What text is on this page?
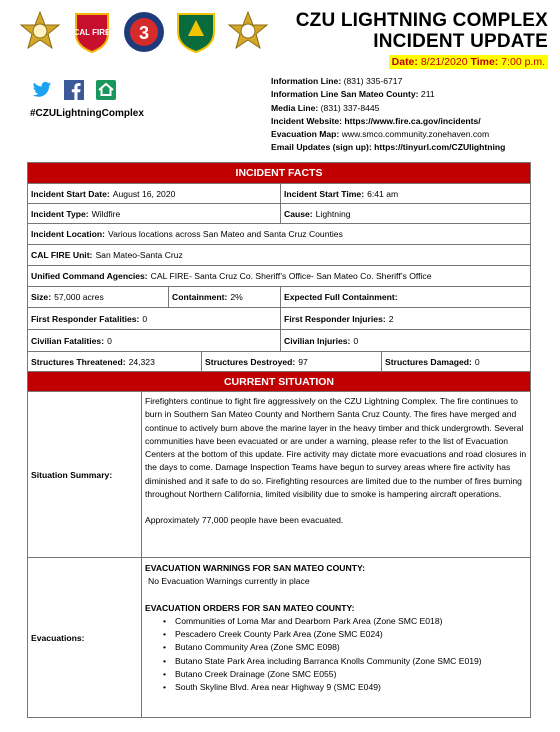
CAL FIRE 3
CZU LIGHTNING COMPLEX
INCIDENT UPDATE
Date: 8/21/2020 Time: 7:00 p.m.
#CZULightningComplex
Information Line: (831) 335-6717
Information Line San Mateo County: 211
Media Line: (831) 337-8445
Incident Website: https://www.fire.ca.gov/incidents/
Evacuation Map: www.smco.community.zonehaven.com
Email Updates (sign up): https://tinyurl.com/CZUlightning
INCIDENT FACTS
Incident Start Date: August 16, 2020	Incident Start Time: 6:41 am
Incident Type: Wildfire	Cause: Lightning
Incident Location: Various locations across San Mateo and Santa Cruz Counties
CAL FIRE Unit: San Mateo-Santa Cruz
Unified Command Agencies: CAL FIRE- Santa Cruz Co. Sheriff’s Office- San Mateo Co. Sheriff’s Office
Size: 57,000 acres	Containment: 2%	Expected Full Containment:
First Responder Fatalities: 0	First Responder Injuries: 2
Civilian Fatalities: 0	Civilian Injuries: 0
Structures Threatened: 24,323	Structures Destroyed: 97	Structures Damaged: 0
CURRENT SITUATION
Situation Summary:

Firefighters continue to fight fire aggressively on the CZU Lightning Complex. The fire continues to burn in Southern San Mateo County and Northern Santa Cruz County. The fires have merged and continue to actively burn above the marine layer in the heavy timber and thick undergrowth. Several communities have been evacuated or are under a warning, please refer to the list of Evacuation Centers at the bottom of this update. Fire activity may dictate more evacuations and road closures in the days to come. Damage Inspection Teams have begun to survey areas where fire activity has diminished and it safe to do so. Firefighting resources are limited due to the number of fires burning throughout Northern California, limited visibility due to smoke is hampering aircraft operations.

Approximately 77,000 people have been evacuated.

Evacuations:
EVACUATION WARNINGS FOR SAN MATEO COUNTY:
No Evacuation Warnings currently in place
EVACUATION ORDERS FOR SAN MATEO COUNTY:
• Communities of Loma Mar and Dearborn Park Area (Zone SMC E018)
• Pescadero Creek County Park Area (Zone SMC E024)
• Butano Community Area (Zone SMC E098)
• Butano State Park Area including Barranca Knolls Community (Zone SMC E019)
• Butano Creek Drainage (Zone SMC E055)
• South Skyline Blvd. Area near Highway 9 (SMC E049)
